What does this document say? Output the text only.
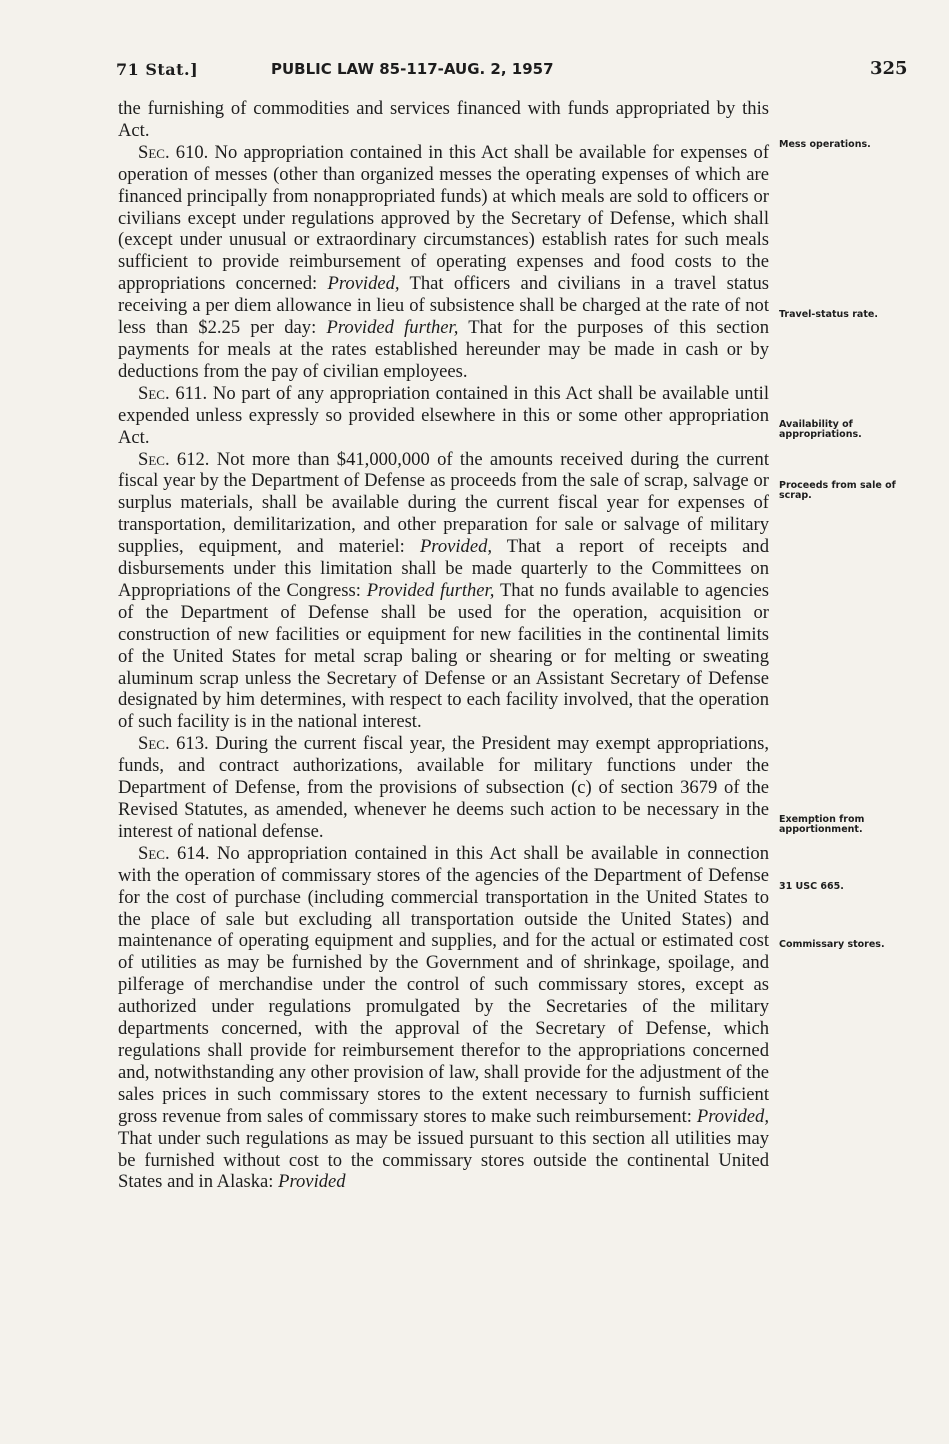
71 Stat.]	PUBLIC LAW 85-117-AUG. 2, 1957	325

the furnishing of commodities and services financed with funds appropriated by this Act.

Sec. 610. No appropriation contained in this Act shall be available for expenses of operation of messes (other than organized messes the operating expenses of which are financed principally from nonappropriated funds) at which meals are sold to officers or civilians except under regulations approved by the Secretary of Defense, which shall (except under unusual or extraordinary circumstances) establish rates for such meals sufficient to provide reimbursement of operating expenses and food costs to the appropriations concerned: Provided, That officers and civilians in a travel status receiving a per diem allowance in lieu of subsistence shall be charged at the rate of not less than $2.25 per day: Provided further, That for the purposes of this section payments for meals at the rates established hereunder may be made in cash or by deductions from the pay of civilian employees.

Sec. 611. No part of any appropriation contained in this Act shall be available until expended unless expressly so provided elsewhere in this or some other appropriation Act.

Sec. 612. Not more than $41,000,000 of the amounts received during the current fiscal year by the Department of Defense as proceeds from the sale of scrap, salvage or surplus materials, shall be available during the current fiscal year for expenses of transportation, demilitarization, and other preparation for sale or salvage of military supplies, equipment, and materiel: Provided, That a report of receipts and disbursements under this limitation shall be made quarterly to the Committees on Appropriations of the Congress: Provided further, That no funds available to agencies of the Department of Defense shall be used for the operation, acquisition or construction of new facilities or equipment for new facilities in the continental limits of the United States for metal scrap baling or shearing or for melting or sweating aluminum scrap unless the Secretary of Defense or an Assistant Secretary of Defense designated by him determines, with respect to each facility involved, that the operation of such facility is in the national interest.

Sec. 613. During the current fiscal year, the President may exempt appropriations, funds, and contract authorizations, available for military functions under the Department of Defense, from the provisions of subsection (c) of section 3679 of the Revised Statutes, as amended, whenever he deems such action to be necessary in the interest of national defense.

Sec. 614. No appropriation contained in this Act shall be available in connection with the operation of commissary stores of the agencies of the Department of Defense for the cost of purchase (including commercial transportation in the United States to the place of sale but excluding all transportation outside the United States) and maintenance of operating equipment and supplies, and for the actual or estimated cost of utilities as may be furnished by the Government and of shrinkage, spoilage, and pilferage of merchandise under the control of such commissary stores, except as authorized under regulations promulgated by the Secretaries of the military departments concerned, with the approval of the Secretary of Defense, which regulations shall provide for reimbursement therefor to the appropriations concerned and, notwithstanding any other provision of law, shall provide for the adjustment of the sales prices in such commissary stores to the extent necessary to furnish sufficient gross revenue from sales of commissary stores to make such reimbursement: Provided, That under such regulations as may be issued pursuant to this section all utilities may be furnished without cost to the commissary stores outside the continental United States and in Alaska: Provided

Mess operations.
Travel-status rate.
Availability of appropriations.
Proceeds from sale of scrap.
Exemption from apportionment.
31 USC 665.
Commissary stores.
